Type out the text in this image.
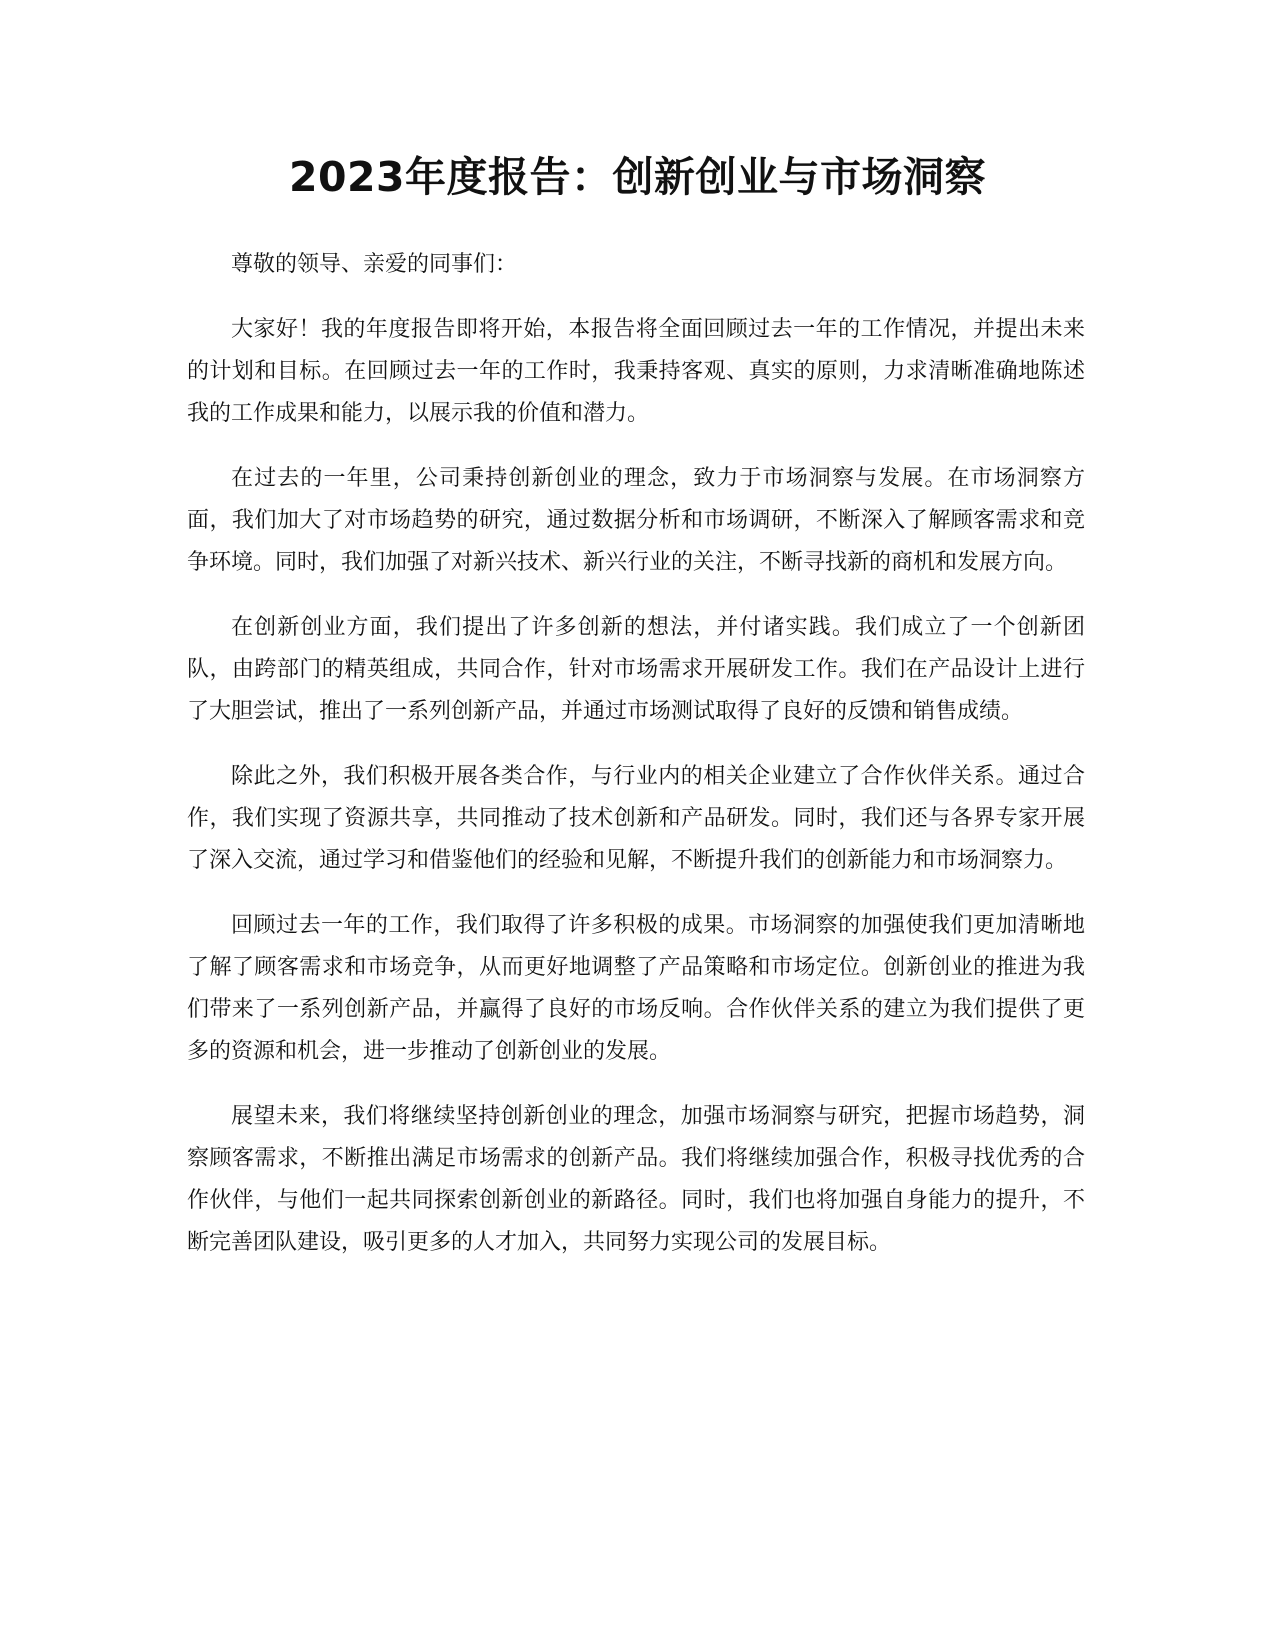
2023年度报告：创新创业与市场洞察

尊敬的领导、亲爱的同事们：

大家好！我的年度报告即将开始，本报告将全面回顾过去一年的工作情况，并提出未来的计划和目标。在回顾过去一年的工作时，我秉持客观、真实的原则，力求清晰准确地陈述我的工作成果和能力，以展示我的价值和潜力。

在过去的一年里，公司秉持创新创业的理念，致力于市场洞察与发展。在市场洞察方面，我们加大了对市场趋势的研究，通过数据分析和市场调研，不断深入了解顾客需求和竞争环境。同时，我们加强了对新兴技术、新兴行业的关注，不断寻找新的商机和发展方向。

在创新创业方面，我们提出了许多创新的想法，并付诸实践。我们成立了一个创新团队，由跨部门的精英组成，共同合作，针对市场需求开展研发工作。我们在产品设计上进行了大胆尝试，推出了一系列创新产品，并通过市场测试取得了良好的反馈和销售成绩。

除此之外，我们积极开展各类合作，与行业内的相关企业建立了合作伙伴关系。通过合作，我们实现了资源共享，共同推动了技术创新和产品研发。同时，我们还与各界专家开展了深入交流，通过学习和借鉴他们的经验和见解，不断提升我们的创新能力和市场洞察力。

回顾过去一年的工作，我们取得了许多积极的成果。市场洞察的加强使我们更加清晰地了解了顾客需求和市场竞争，从而更好地调整了产品策略和市场定位。创新创业的推进为我们带来了一系列创新产品，并赢得了良好的市场反响。合作伙伴关系的建立为我们提供了更多的资源和机会，进一步推动了创新创业的发展。

展望未来，我们将继续坚持创新创业的理念，加强市场洞察与研究，把握市场趋势，洞察顾客需求，不断推出满足市场需求的创新产品。我们将继续加强合作，积极寻找优秀的合作伙伴，与他们一起共同探索创新创业的新路径。同时，我们也将加强自身能力的提升，不断完善团队建设，吸引更多的人才加入，共同努力实现公司的发展目标。
